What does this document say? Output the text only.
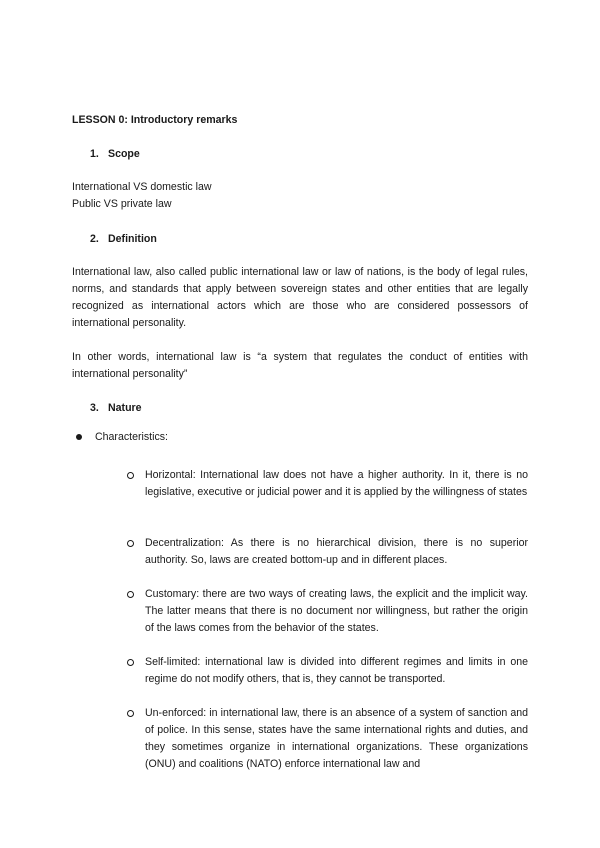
LESSON 0: Introductory remarks

1. Scope

International VS domestic law

Public VS private law

2. Definition

International law, also called public international law or law of nations, is the body of legal rules, norms, and standards that apply between sovereign states and other entities that are legally recognized as international actors which are those who are considered possessors of international personality.

In other words, international law is “a system that regulates the conduct of entities with international personality”

3. Nature

Characteristics:

Horizontal: International law does not have a higher authority. In it, there is no legislative, executive or judicial power and it is applied by the willingness of states

Decentralization: As there is no hierarchical division, there is no superior authority. So, laws are created bottom-up and in different places.

Customary: there are two ways of creating laws, the explicit and the implicit way. The latter means that there is no document nor willingness, but rather the origin of the laws comes from the behavior of the states.

Self-limited: international law is divided into different regimes and limits in one regime do not modify others, that is, they cannot be transported.

Un-enforced: in international law, there is an absence of a system of sanction and of police. In this sense, states have the same international rights and duties, and they sometimes organize in international organizations. These organizations (ONU) and coalitions (NATO) enforce international law and
